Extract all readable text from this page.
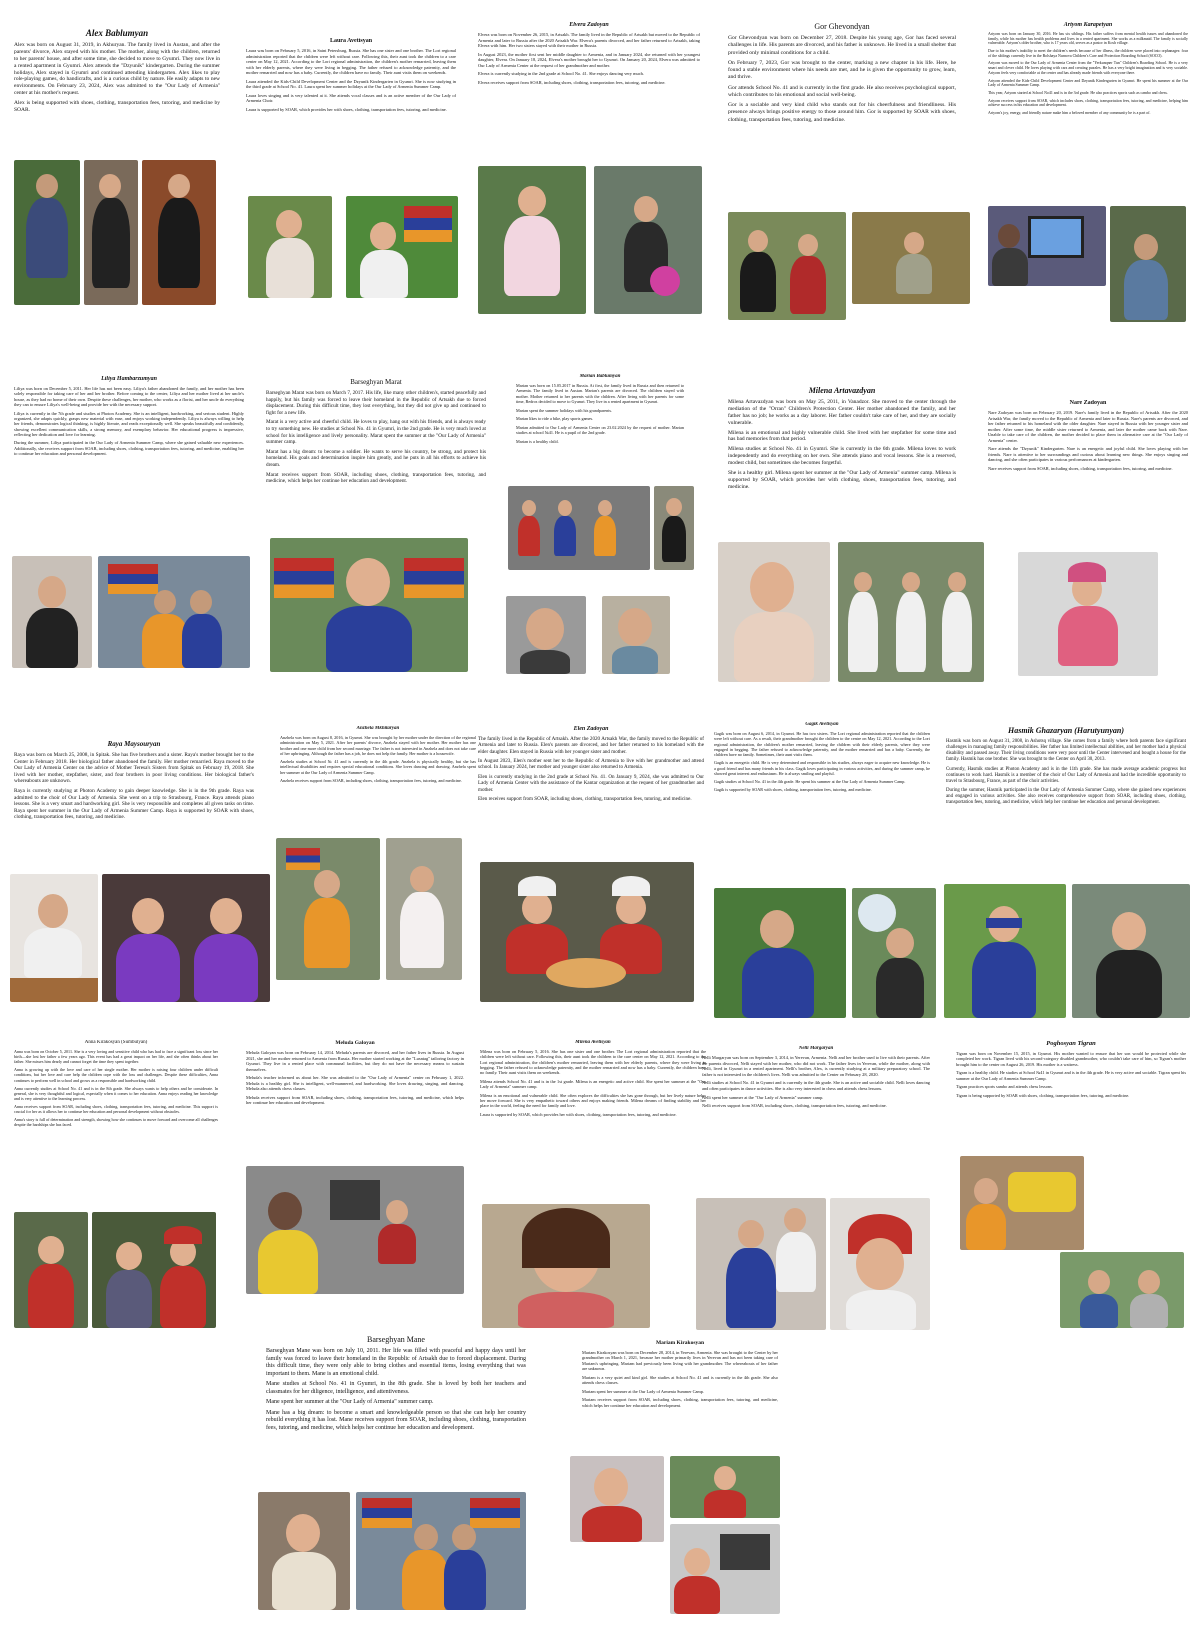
Alex Bablumyan

Alex was born on August 31, 2019, in Akhuryan. The family lived in Austan, and after the parents' divorce, Alex stayed with his mother. The mother, along with the children, returned to her parents' house, and after some time, she decided to move to Gyumri. They now live in a rented apartment in Gyumri. Alex attends the "Dzyunik" kindergarten. During the summer holidays, Alex stayed in Gyumri and continued attending kindergarten. Alex likes to play role-playing games, do handicrafts, and is a curious child by nature. He easily adapts to new environments. On February 23, 2024, Alex was admitted to the "Our Lady of Armenia" center at his mother's request.

Alex is being supported with shoes, clothing, transportation fees, tutoring, and medicine by SOAR.

Laura Avetisyan

Laura was born on February 5, 2016, in Saint Petersburg, Russia. She has one sister and one brother. The Lori regional administration reported that the children were left without care. Following this, their aunt took the children to a care center on May 12, 2021. According to the Lori regional administration, the children's mother remarried, leaving them with her elderly parents, where they were living in begging. The father refused to acknowledge paternity, and the mother remarried and now has a baby. Currently, the children have no family. Their aunt visits them on weekends.

Laura attended the Kids-Child Development Center and the Dzyunik Kindergarten in Gyumri. She is now studying in the third grade at School No. 41. Laura spent her summer holidays at the Our Lady of Armenia Summer Camp.

Laura loves singing and is very talented at it. She attends vocal classes and is an active member of the Our Lady of Armenia Choir.

Laura is supported by SOAR, which provides her with shoes, clothing, transportation fees, tutoring, and medicine.

Elvera Zadoyan

Elvera was born on November 26, 2015, in Artsakh. The family lived in the Republic of Artsakh but moved to the Republic of Armenia and later to Russia after the 2020 Artsakh War. Elvera's parents divorced, and her father returned to Artsakh, taking Elvera with him. Her two sisters stayed with their mother in Russia.

In August 2023, the mother first sent her middle daughter to Armenia, and in January 2024, she returned with her youngest daughter, Elvera. On January 18, 2024, Elvera's mother brought her to Gyumri. On January 20, 2024, Elvera was admitted to Our Lady of Armenia Center at the request of her grandmother and mother.

Elvera is currently studying in the 2nd grade at School No. 41. She enjoys dancing very much.

Elvera receives support from SOAR, including shoes, clothing, transportation fees, tutoring, and medicine.

Gor Ghevondyan

Gor Ghevondyan was born on December 27, 2018. Despite his young age, Gor has faced several challenges in life. His parents are divorced, and his father is unknown. He lived in a small shelter that provided only minimal conditions for a child.

On February 7, 2023, Gor was brought to the center, marking a new chapter in his life. Here, he found a stable environment where his needs are met, and he is given the opportunity to grow, learn, and thrive.

Gor attends School No. 41 and is currently in the first grade. He also receives psychological support, which contributes to his emotional and social well-being.

Gor is a sociable and very kind child who stands out for his cheerfulness and friendliness. His presence always brings positive energy to those around him. Gor is supported by SOAR with shoes, clothing, transportation fees, tutoring, and medicine.

Artyom Karapetyan

Artyom was born on January 30, 2016. He has six siblings. His father suffers from mental health issues and abandoned the family, while his mother has health problems and lives in a rented apartment. She works as a milkmaid. The family is socially vulnerable. Artyom's older brother, who is 17 years old, serves as a pastor in Kosh village.

Due to his mother's inability to meet the children's needs because of her illness, the children were placed into orphanages: four of the siblings currently live in the Bolshaya Nurnova Children's Care and Protection Boarding School (SOCO).

Artyom was moved to the Our Lady of Armenia Center from the "Yerkunqner Tun" Children's Boarding School. He is a very smart and clever child. He loves playing with cars and creating puzzles. He has a very bright imagination and is very sociable. Artyom feels very comfortable at the center and has already made friends with everyone there.

Artyom attended the Kids-Child Development Center and Dzyunik Kindergarten in Gyumri. He spent his summer at the Our Lady of Armenia Summer Camp.

This year, Artyom started at School No41 and is in the 3rd grade. He also practices sports such as cambo and chess.

Artyom receives support from SOAR, which includes shoes, clothing, transportation fees, tutoring, and medicine, helping him achieve success in his education and development.

Artyom's joy, energy, and friendly nature make him a beloved member of any community he is a part of.

Liliya Hambarzumyan

Liliya was born on December 5, 2011. Her life has not been easy. Liliya's father abandoned the family, and her mother has been solely responsible for taking care of her and her brother. Before coming to the center, Liliya and her mother lived at her uncle's house, as they had no home of their own. Despite these challenges, her mother, who works as a florist, and her uncle do everything they can to ensure Liliya's well-being and provide her with the necessary support.

Liliya is currently in the 7th grade and studies at Photon Academy. She is an intelligent, hardworking, and serious student. Highly organized, she adapts quickly, grasps new material with ease, and enjoys working independently. Liliya is always willing to help her friends, demonstrates logical thinking, is highly literate, and reads exceptionally well. She speaks beautifully and confidently, showing excellent communication skills, a strong memory, and exemplary behavior. Her educational progress is impressive, reflecting her dedication and love for learning.

During the summer, Liliya participated in the Our Lady of Armenia Summer Camp, where she gained valuable new experiences. Additionally, she receives support from SOAR, including shoes, clothing, transportation fees, tutoring, and medicine, enabling her to continue her education and personal development.

Barseghyan Marat

Barseghyan Marat was born on March 7, 2017. His life, like many other children's, started peacefully and happily, but his family was forced to leave their homeland in the Republic of Artsakh due to forced displacement. During this difficult time, they lost everything, but they did not give up and continued to fight for a new life.

Marat is a very active and cheerful child. He loves to play, hang out with his friends, and is always ready to try something new. He studies at School No. 41 in Gyumri, in the 2nd grade. He is very much loved at school for his intelligence and lively personality. Marat spent the summer at the "Our Lady of Armenia" summer camp.

Marat has a big dream: to become a soldier. He wants to serve his country, be strong, and protect his homeland. His goals and determination inspire him greatly, and he puts in all his efforts to achieve his dream.

Marat receives support from SOAR, including shoes, clothing, transportation fees, tutoring, and medicine, which helps her continue her education and development.

Marian Bablumyan

Marian was born on 15.05.2017 in Russia. At first, the family lived in Russia and then returned to Armenia. The family lived in Austan. Marian's parents are divorced. The children stayed with mother. Mother returned to her parents with the children. After living with her parents for some time, Bedros decided to move to Gyumri. They live in a rented apartment in Gyumri.

Marian spent the summer holidays with his grandparents.

Marian likes to ride a bike, play sports games.

Marian admitted to Our Lady of Armenia Center on 23.02.2024 by the request of mother. Marian studies at school №41. He is a pupil of the 2nd grade.

Marian is a healthy child.

Milena Artavazdyan

Milena Artavazdyan was born on May 25, 2011, in Vanadzor. She moved to the center through the mediation of the "Orran" Children's Protection Center. Her mother abandoned the family, and her father has no job; he works as a day laborer. Her father couldn't take care of her, and they are socially vulnerable.

Milena is an emotional and highly vulnerable child. She lived with her stepfather for some time and has bad memories from that period.

Milena studies at School No. 41 in Gyumri. She is currently in the 6th grade. Milena loves to work independently and do everything on her own. She attends piano and vocal lessons. She is a reserved, modest child, but sometimes she becomes forgetful.

She is a healthy girl. Milena spent her summer at the "Our Lady of Armenia" summer camp. Milena is supported by SOAR, which provides her with clothing, shoes, transportation fees, tutoring, and medicine.

Nare Zadoyan

Nare Zadoyan was born on February 20, 2019. Nare's family lived in the Republic of Artsakh. After the 2020 Artsakh War, the family moved to the Republic of Armenia and later to Russia. Nare's parents are divorced, and her father returned to his homeland with the older daughter. Nare stayed in Russia with her younger sister and mother. After some time, the middle sister returned to Armenia, and later the mother came back with Nare. Unable to take care of the children, the mother decided to place them in alternative care at the "Our Lady of Armenia" center.

Nare attends the "Dzyunik" Kindergarten. Nare is an energetic and joyful child. She loves playing with her friends. Nare is attentive to her surroundings and curious about learning new things. She enjoys singing and dancing, and she often participates in various performances at kindergarten.

Nare receives support from SOAR, including shoes, clothing, transportation fees, tutoring, and medicine.

Raya Maysouryan

Raya was born on March 25, 2008, in Spitak. She has five brothers and a sister. Raya's mother brought her to the Center in February 2018. Her biological father abandoned the family. Her mother remarried. Raya moved to the Our Lady of Armenia Center on the advice of Mother Teresa's Sisters from Spitak on February 19, 2018. She lived with her mother, stepfather, sister, and four brothers in poor living conditions. Her biological father's whereabouts are unknown.

Raya is currently studying at Photon Academy to gain deeper knowledge. She is in the 9th grade. Raya was admitted to the choir of Our Lady of Armenia. She went on a trip to Strasbourg, France. Raya attends piano lessons. She is a very smart and hardworking girl. She is very responsible and completes all given tasks on time. Raya spent her summer in the Our Lady of Armenia Summer Camp. Raya is supported by SOAR with shoes, clothing, transportation fees, tutoring, and medicine.

Anzhela Mkhitaryan

Anzhela was born on August 8, 2016, in Gyumri. She was brought by her mother under the direction of the regional administration on May 5, 2021. After her parents' divorce, Anzhela stayed with her mother. Her mother has one brother and one more child from her second marriage. The father is not interested in Anzhela and does not take care of her upbringing. Although the father has a job, he does not help the family. Her mother is a housewife.

Anzhela studies at School № 41 and is currently in the 4th grade. Anzhela is physically healthy, but she has intellectual disabilities and requires special educational conditions. She loves dancing and drawing. Anzhela spent her summer at the Our Lady of Armenia Summer Camp.

Anzhela receives support from SOAR, including shoes, clothing, transportation fees, tutoring, and medicine.

Elen Zadoyan

The family lived in the Republic of Artsakh. After the 2020 Artsakh War, the family moved to the Republic of Armenia and later to Russia. Elen's parents are divorced, and her father returned to his homeland with the elder daughter. Elen stayed in Russia with her younger sister and mother.

In August 2023, Elen's mother sent her to the Republic of Armenia to live with her grandmother and attend school. In January 2024, her mother and younger sister also returned to Armenia.

Elen is currently studying in the 2nd grade at School No. 41. On January 9, 2024, she was admitted to Our Lady of Armenia Center with the assistance of the Kantar organization at the request of her grandmother and mother.

Elen receives support from SOAR, including shoes, clothing, transportation fees, tutoring, and medicine.

Gagik Avetisyan

Gagik was born on August 6, 2014, in Gyumri. He has two sisters. The Lori regional administration reported that the children were left without care. As a result, their grandmother brought the children to the centre on May 12, 2021. According to the Lori regional administration, the children's mother remarried, leaving the children with their elderly parents, where they were engaged in begging. The father refused to acknowledge paternity, and the mother remarried and has a baby. Currently, the children have no family. Sometimes, their aunt visits them.

Gagik is an energetic child. He is very determined and responsible in his studies, always eager to acquire new knowledge. He is a good friend and has many friends in his class. Gagik loves participating in various activities, and during the summer camp, he showed great interest and enthusiasm. He is always smiling and playful.

Gagik studies at School No. 41 in the 4th grade. He spent his summer at the Our Lady of Armenia Summer Camp.

Gagik is supported by SOAR with shoes, clothing, transportation fees, tutoring, and medicine.

Hasmik Ghazaryan (Harutyunyan)

Hasmik was born on August 31, 2008, in Ashotsq village. She comes from a family where both parents face significant challenges in managing family responsibilities. Her father has limited intellectual abilities, and her mother had a physical disability and passed away. Their living conditions were very poor until the Center intervened and bought a house for the family. Hasmik has one brother. She was brought to the Center on April 30, 2013.

Currently, Hasmik studies at Photon Academy and is in the 11th grade. She has made average academic progress but continues to work hard. Hasmik is a member of the choir of Our Lady of Armenia and had the incredible opportunity to travel to Strasbourg, France, as part of the choir activities.

During the summer, Hasmik participated in the Our Lady of Armenia Summer Camp, where she gained new experiences and engaged in various activities. She also receives comprehensive support from SOAR, including shoes, clothing, transportation fees, tutoring, and medicine, which help her continue her education and personal development.

Anna Kirakosyan (Sumbulyan)

Anna was born on October 5, 2011. She is a very loving and sensitive child who has had to face a significant loss since her birth—she lost her father a few years ago. This event has had a great impact on her life, and she often thinks about her father. She misses him dearly and cannot forget the time they spent together.

Anna is growing up with the love and care of her single mother. Her mother is raising four children under difficult conditions, but her love and care help the children cope with the loss and challenges. Despite these difficulties, Anna continues to perform well in school and grows as a responsible and hardworking child.

Anna currently studies at School No. 41 and is in the 8th grade. She always wants to help others and be considerate. In general, she is very thoughtful and logical, especially when it comes to her education. Anna enjoys reading her knowledge and is very attentive to the learning process.

Anna receives support from SOAR, including shoes, clothing, transportation fees, tutoring, and medicine. This support is crucial for her as it allows her to continue her education and personal development without obstacles.

Anna's story is full of determination and strength, showing how she continues to move forward and overcome all challenges despite the hardships she has faced.

Meluda Galoyan

Meluda Galoyan was born on February 14, 2014. Meluda's parents are divorced, and her father lives in Russia. In August 2021, she and her mother returned to Armenia from Russia. Her mother started working at the "Lusntag" tailoring factory in Gyumri. They live in a rented place with communal facilities, but they do not have the necessary means to sustain themselves.

Meluda's teacher informed us about her. She was admitted to the "Our Lady of Armenia" center on February 1, 2022. Meluda is a healthy girl. She is intelligent, well-mannered, and hardworking. She loves drawing, singing, and dancing. Meluda also attends chess classes.

Meluda receives support from SOAR, including shoes, clothing, transportation fees, tutoring, and medicine, which helps her continue her education and development.

Milena Avetisyan

Milena was born on February 5, 2016. She has one sister and one brother. The Lori regional administration reported that the children were left without care. Following this, their aunt took the children to the care center on May 12, 2021. According to the Lori regional administration, the children's mother remarried, leaving them with her elderly parents, where they were living in begging. The father refused to acknowledge paternity, and the mother remarried and now has a baby. Currently, the children have no family. Their aunt visits them on weekends.

Milena attends School No. 41 and is in the 1st grade. Milena is an energetic and active child. She spent her summer at the "Our Lady of Armenia" summer camp.

Milena is an emotional and vulnerable child. She often explores the difficulties she has gone through, but her lively nature helps her move forward. She is very empathetic toward others and enjoys making friends. Milena dreams of finding stability and her place in the world, feeling the need for family and love.

Laura is supported by SOAR, which provides her with shoes, clothing, transportation fees, tutoring, and medicine.

Nelli Margaryan

Nelli Margaryan was born on September 3, 2014, in Yerevan, Armenia. Nelli and her brother used to live with their parents. After the parents divorced, Nelli stayed with her mother, who did not work. The father lives in Yerevan, while the mother, along with Nelli, lived in Gyumri in a rented apartment. Nelli's brother, Alex, is currently studying at a military preparatory school. The father is not interested in the children's lives. Nelli was admitted to the Center on February 28, 2020.

Nelli studies at School No. 41 in Gyumri and is currently in the 4th grade. She is an active and sociable child. Nelli loves dancing and often participates in dance activities. She is also very interested in chess and attends chess lessons.

Nelli spent her summer at the "Our Lady of Armenia" summer camp.

Nelli receives support from SOAR, including shoes, clothing, transportation fees, tutoring, and medicine.

Poghosyan Tigran

Tigran was born on November 15, 2015, in Gyumri. His mother wanted to ensure that her son would be protected while she completed her work. Tigran lived with his second-category disabled grandmother, who couldn't take care of him, so Tigran's mother brought him to the center on August 26, 2019. His mother is a waitress.

Tigran is a healthy child. He studies at School №41 in Gyumri and is in the 4th grade. He is very active and sociable. Tigran spent his summer at the Our Lady of Armenia Summer Camp.

Tigran practices sports sambo and attends chess lessons.

Tigran is being supported by SOAR with shoes, clothing, transportation fees, tutoring, and medicine.

Barseghyan Mane

Barseghyan Mane was born on July 10, 2011. Her life was filled with peaceful and happy days until her family was forced to leave their homeland in the Republic of Artsakh due to forced displacement. During this difficult time, they were only able to bring clothes and essential items, losing everything that was important to them. Mane is an emotional child.

Mane studies at School No. 41 in Gyumri, in the 8th grade. She is loved by both her teachers and classmates for her diligence, intelligence, and attentiveness.

Mane spent her summer at the "Our Lady of Armenia" summer camp.

Mane has a big dream: to become a smart and knowledgeable person so that she can help her country rebuild everything it has lost. Mane receives support from SOAR, including shoes, clothing, transportation fees, tutoring, and medicine, which helps her continue her education and development.

Mariam Kirakosyan

Mariam Kirakosyan was born on December 28, 2014, in Yerevan, Armenia. She was brought to the Center by her grandmother on March 1, 2021, because her mother primarily lives in Yerevan and has not been taking care of Mariam's upbringing. Mariam had previously been living with her grandmother. The whereabouts of her father are unknown.

Mariam is a very quiet and kind girl. She studies at School No. 41 and is currently in the 4th grade. She also attends chess classes.

Mariam spent her summer at the Our Lady of Armenia Summer Camp.

Mariam receives support from SOAR, including shoes, clothing, transportation fees, tutoring, and medicine, which helps her continue her education and development.
